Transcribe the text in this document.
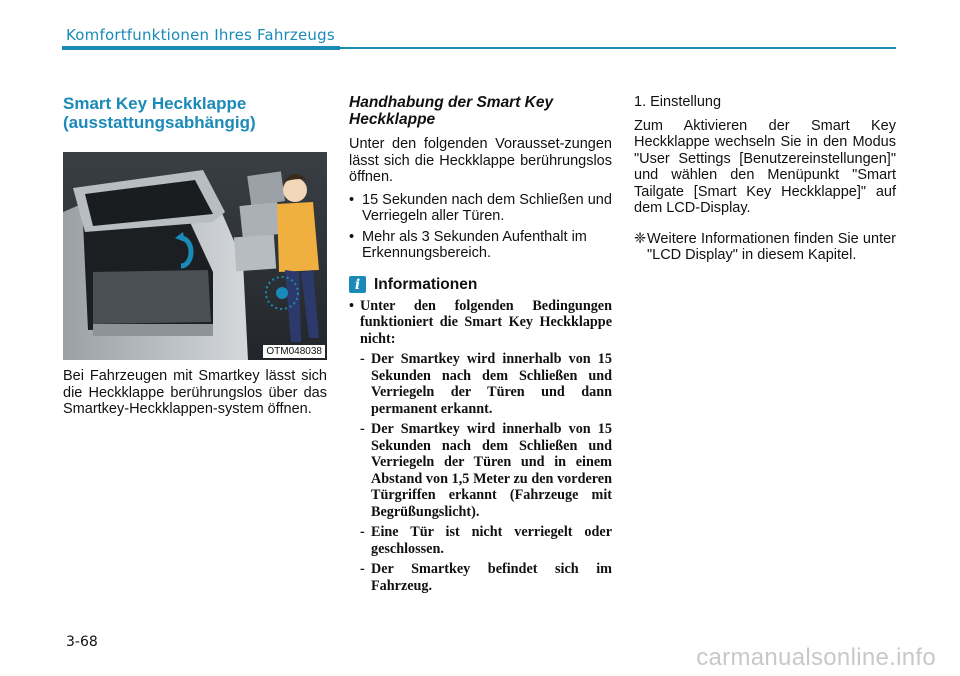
Komfortfunktionen Ihres Fahrzeugs
Smart Key Heckklappe
(ausstattungsabhängig)
OTM048038

Bei Fahrzeugen mit Smartkey lässt sich die Heckklappe berührungslos über das Smartkey-Heckklappen-system öffnen.

Handhabung der Smart Key Heckklappe

Unter den folgenden Vorausset-zungen lässt sich die Heckklappe berührungslos öffnen.

• 15 Sekunden nach dem Schließen und Verriegeln aller Türen.
• Mehr als 3 Sekunden Aufenthalt im Erkennungsbereich.
i Informationen

• Unter den folgenden Bedingungen funktioniert die Smart Key Heckklappe nicht:

- Der Smartkey wird innerhalb von 15 Sekunden nach dem Schließen und Verriegeln der Türen und dann permanent erkannt.

- Der Smartkey wird innerhalb von 15 Sekunden nach dem Schließen und Verriegeln der Türen und in einem Abstand von 1,5 Meter zu den vorderen Türgriffen erkannt (Fahrzeuge mit Begrüßungslicht).

- Eine Tür ist nicht verriegelt oder geschlossen.

- Der Smartkey befindet sich im Fahrzeug.

1. Einstellung

Zum Aktivieren der Smart Key Heckklappe wechseln Sie in den Modus "User Settings [Benutzereinstellungen]" und wählen den Menüpunkt "Smart Tailgate [Smart Key Heckklappe]" auf dem LCD-Display.

❈ Weitere Informationen finden Sie unter "LCD Display" in diesem Kapitel.
3-68
carmanualsonline.info
